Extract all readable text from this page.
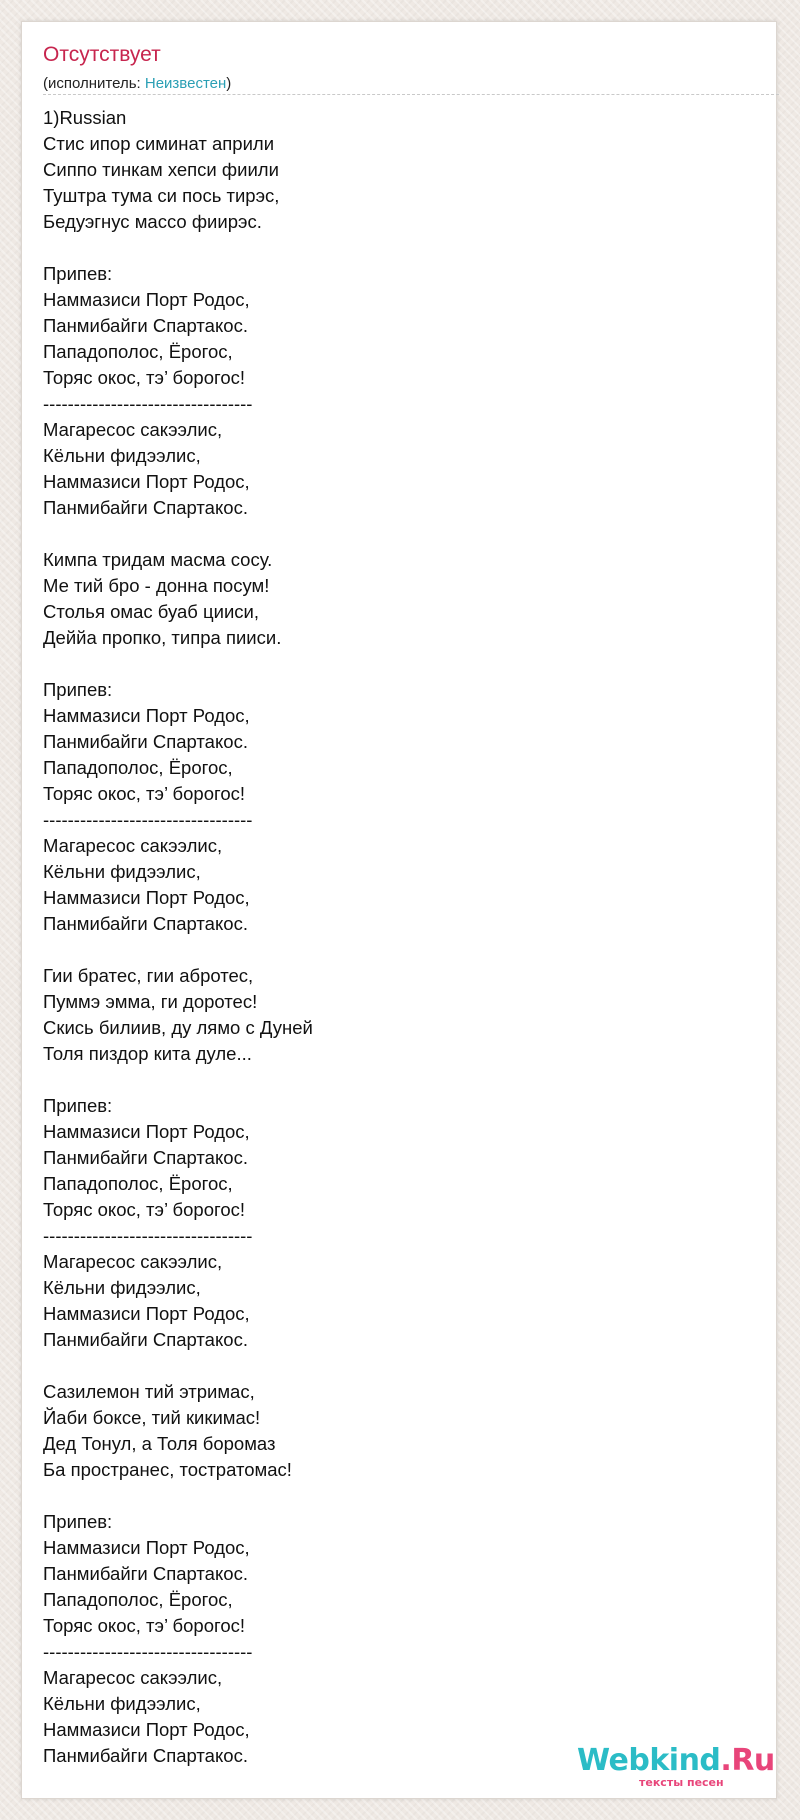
Отсутствует
(исполнитель: Неизвестен)
1)Russian
Стис ипор симинат априли
Сиппо тинкам хепси фиили
Туштра тума си пось тирэс,
Бедуэгнус массо фиирэс.
Припев:
Наммазиси Порт Родос,
Панмибайги Спартакос.
Пападополос, Ёрогос,
Торяс окос, тэ’ борогос!
----------------------------------
Магаресос сакээлис,
Кёльни фидээлис,
Наммазиси Порт Родос,
Панмибайги Спартакос.
Кимпа тридам масма сосу.
Ме тий бро - донна посум!
Столья омас буаб цииси,
Деййа пропко, типра пииси.
Припев:
Наммазиси Порт Родос,
Панмибайги Спартакос.
Пападополос, Ёрогос,
Торяс окос, тэ’ борогос!
----------------------------------
Магаресос сакээлис,
Кёльни фидээлис,
Наммазиси Порт Родос,
Панмибайги Спартакос.
Гии братес, гии абротес,
Пуммэ эмма, ги доротес!
Скись билиив, ду лямо с Дуней
Толя пиздор кита дуле...
Припев:
Наммазиси Порт Родос,
Панмибайги Спартакос.
Пападополос, Ёрогос,
Торяс окос, тэ’ борогос!
----------------------------------
Магаресос сакээлис,
Кёльни фидээлис,
Наммазиси Порт Родос,
Панмибайги Спартакос.
Сазилемон тий этримас,
Йаби боксе, тий кикимас!
Дед Тонул, а Толя боромаз
Ба пространес, тостратомас!
Припев:
Наммазиси Порт Родос,
Панмибайги Спартакос.
Пападополос, Ёрогос,
Торяс окос, тэ’ борогос!
----------------------------------
Магаресос сакээлис,
Кёльни фидээлис,
Наммазиси Порт Родос,
Панмибайги Спартакос.	Webkind.Ru
тексты песен
